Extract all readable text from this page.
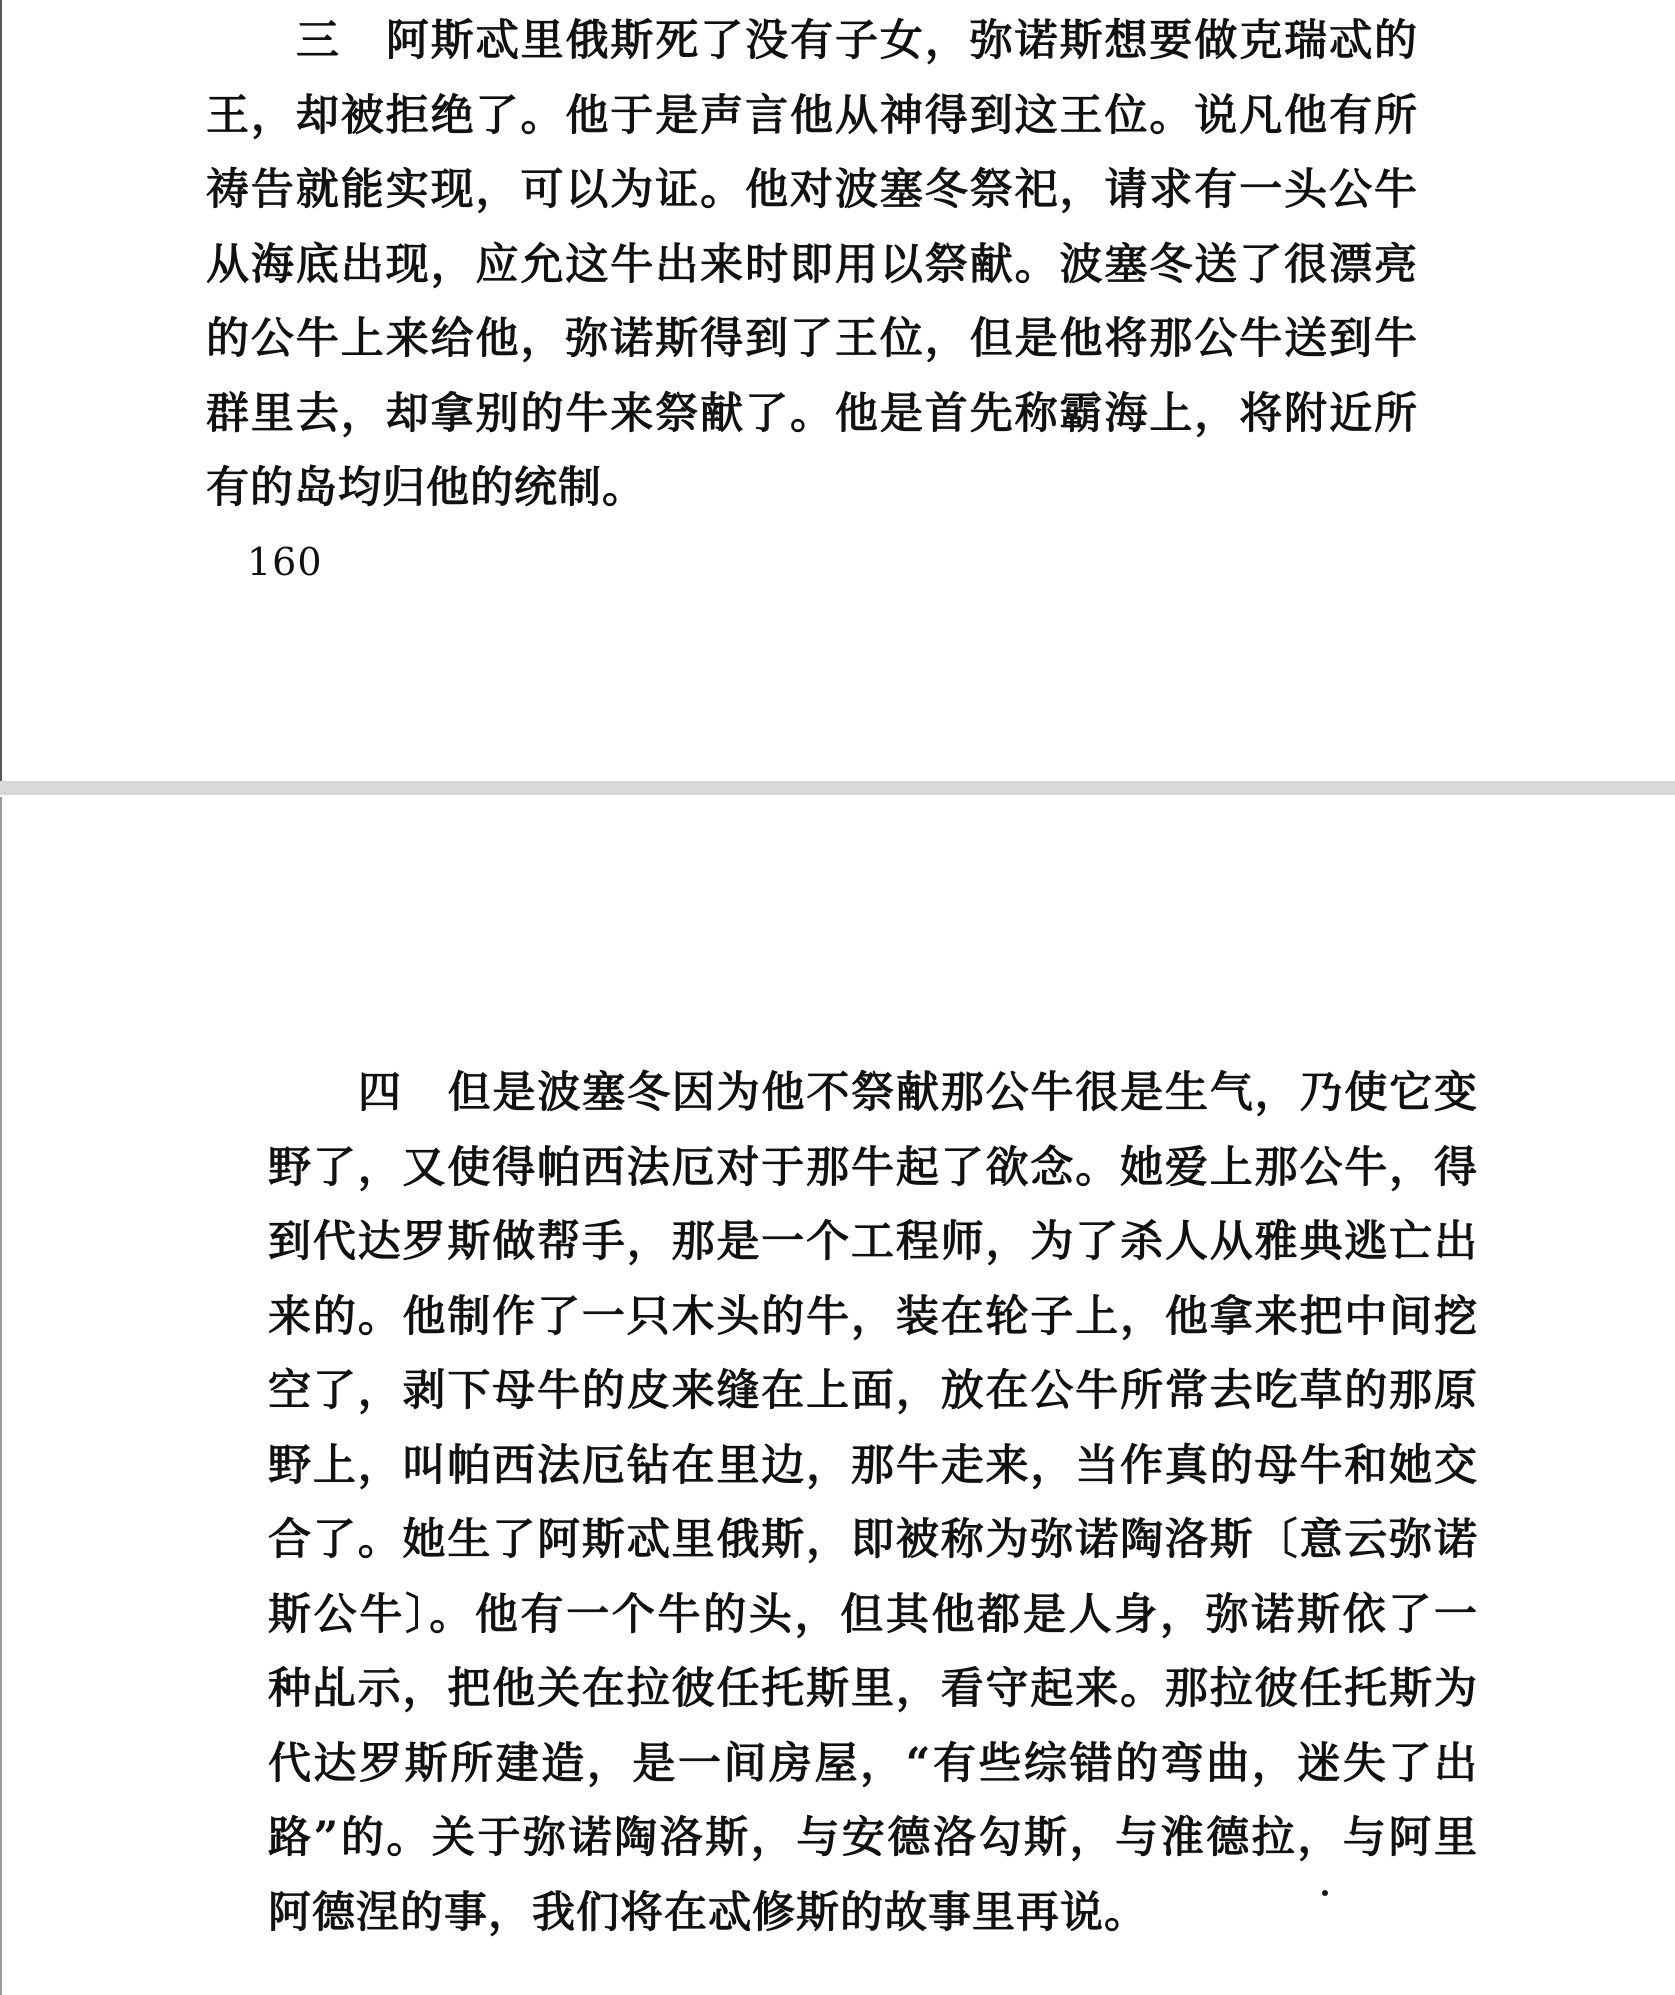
三　阿斯忒里俄斯死了没有子女，弥诺斯想要做克瑞忒的王，却被拒绝了。他于是声言他从神得到这王位。说凡他有所祷告就能实现，可以为证。他对波塞冬祭祀，请求有一头公牛从海底出现，应允这牛出来时即用以祭献。波塞冬送了很漂亮的公牛上来给他，弥诺斯得到了王位，但是他将那公牛送到牛群里去，却拿别的牛来祭献了。他是首先称霸海上，将附近所有的岛均归他的统制。

160

四　但是波塞冬因为他不祭献那公牛很是生气，乃使它变野了，又使得帕西法厄对于那牛起了欲念。她爱上那公牛，得到代达罗斯做帮手，那是一个工程师，为了杀人从雅典逃亡出来的。他制作了一只木头的牛，装在轮子上，他拿来把中间挖空了，剥下母牛的皮来缝在上面，放在公牛所常去吃草的那原野上，叫帕西法厄钻在里边，那牛走来，当作真的母牛和她交合了。她生了阿斯忒里俄斯，即被称为弥诺陶洛斯〔意云弥诺斯公牛〕。他有一个牛的头，但其他都是人身，弥诺斯依了一种乩示，把他关在拉彼任托斯里，看守起来。那拉彼任托斯为代达罗斯所建造，是一间房屋，“有些综错的弯曲，迷失了出路”的。关于弥诺陶洛斯，与安德洛勾斯，与淮德拉，与阿里阿德涅的事，我们将在忒修斯的故事里再说。
